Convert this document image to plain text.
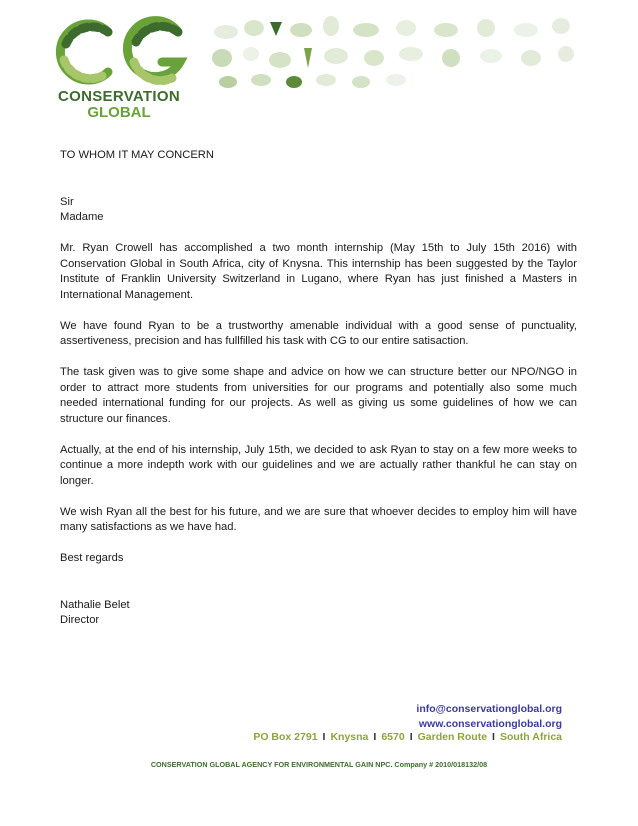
CONSERVATION
GLOBAL

TO WHOM IT MAY CONCERN

Sir
Madame

Mr. Ryan Crowell has accomplished a two month internship (May 15th to July 15th 2016) with Conservation Global in South Africa, city of Knysna. This internship has been suggested by the Taylor Institute of Franklin University Switzerland in Lugano, where Ryan has just finished a Masters in International Management.

We have found Ryan to be a trustworthy amenable individual with a good sense of punctuality, assertiveness, precision and has fullfilled his task with CG to our entire satisaction.

The task given was to give some shape and advice on how we can structure better our NPO/NGO in order to attract more students from universities for our programs and potentially also some much needed international funding for our projects. As well as giving us some guidelines of how we can structure our finances.

Actually, at the end of his internship, July 15th, we decided to ask Ryan to stay on a few more weeks to continue a more indepth work with our guidelines and we are actually rather thankful he can stay on longer.

We wish Ryan all the best for his future, and we are sure that whoever decides to employ him will have many satisfactions as we have had.

Best regards
Nathalie Belet
Director
info@conservationglobal.org
www.conservationglobal.org
PO Box 2791 I Knysna I 6570 I Garden Route I South Africa
CONSERVATION GLOBAL AGENCY FOR ENVIRONMENTAL GAIN NPC. Company # 2010/018132/08
